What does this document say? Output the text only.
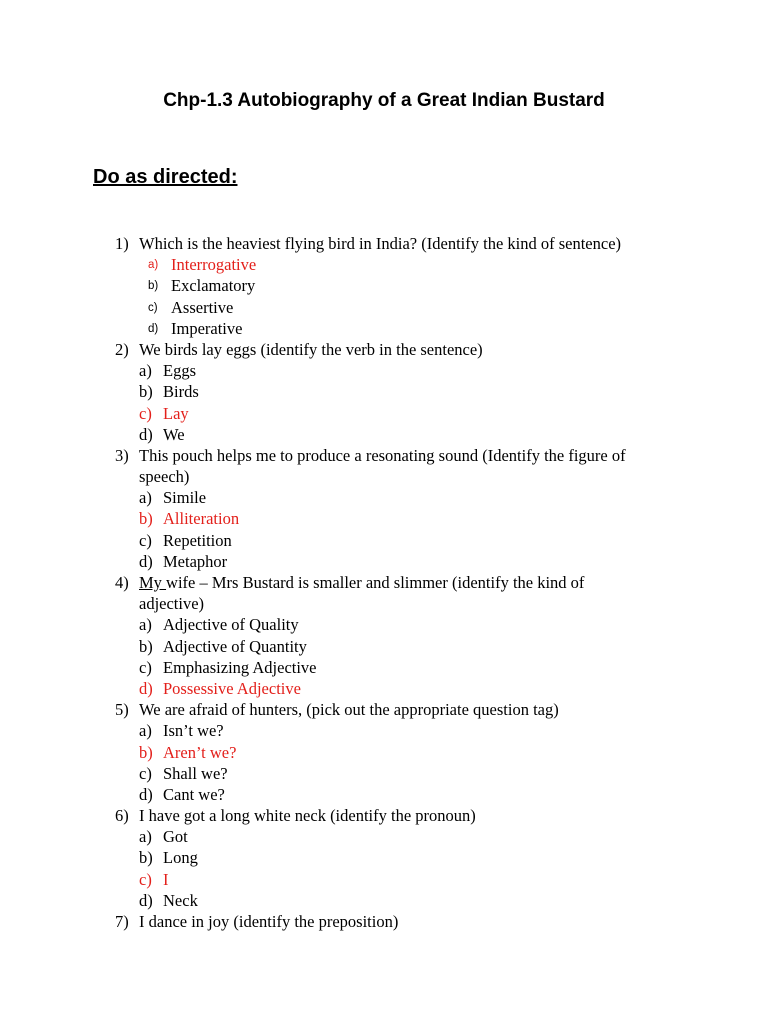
Chp-1.3 Autobiography of a Great Indian Bustard
Do as directed:
1) Which is the heaviest flying bird in India? (Identify the kind of sentence)
a) Interrogative
b) Exclamatory
c) Assertive
d) Imperative
2) We birds lay eggs (identify the verb in the sentence)
a) Eggs
b) Birds
c) Lay
d) We
3) This pouch helps me to produce a resonating sound (Identify the figure of
speech)
a) Simile
b) Alliteration
c) Repetition
d) Metaphor
4) My wife – Mrs Bustard is smaller and slimmer (identify the kind of
adjective)
a) Adjective of Quality
b) Adjective of Quantity
c) Emphasizing Adjective
d) Possessive Adjective
5) We are afraid of hunters, (pick out the appropriate question tag)
a) Isn’t we?
b) Aren’t we?
c) Shall we?
d) Cant we?
6) I have got a long white neck (identify the pronoun)
a) Got
b) Long
c) I
d) Neck
7) I dance in joy (identify the preposition)
